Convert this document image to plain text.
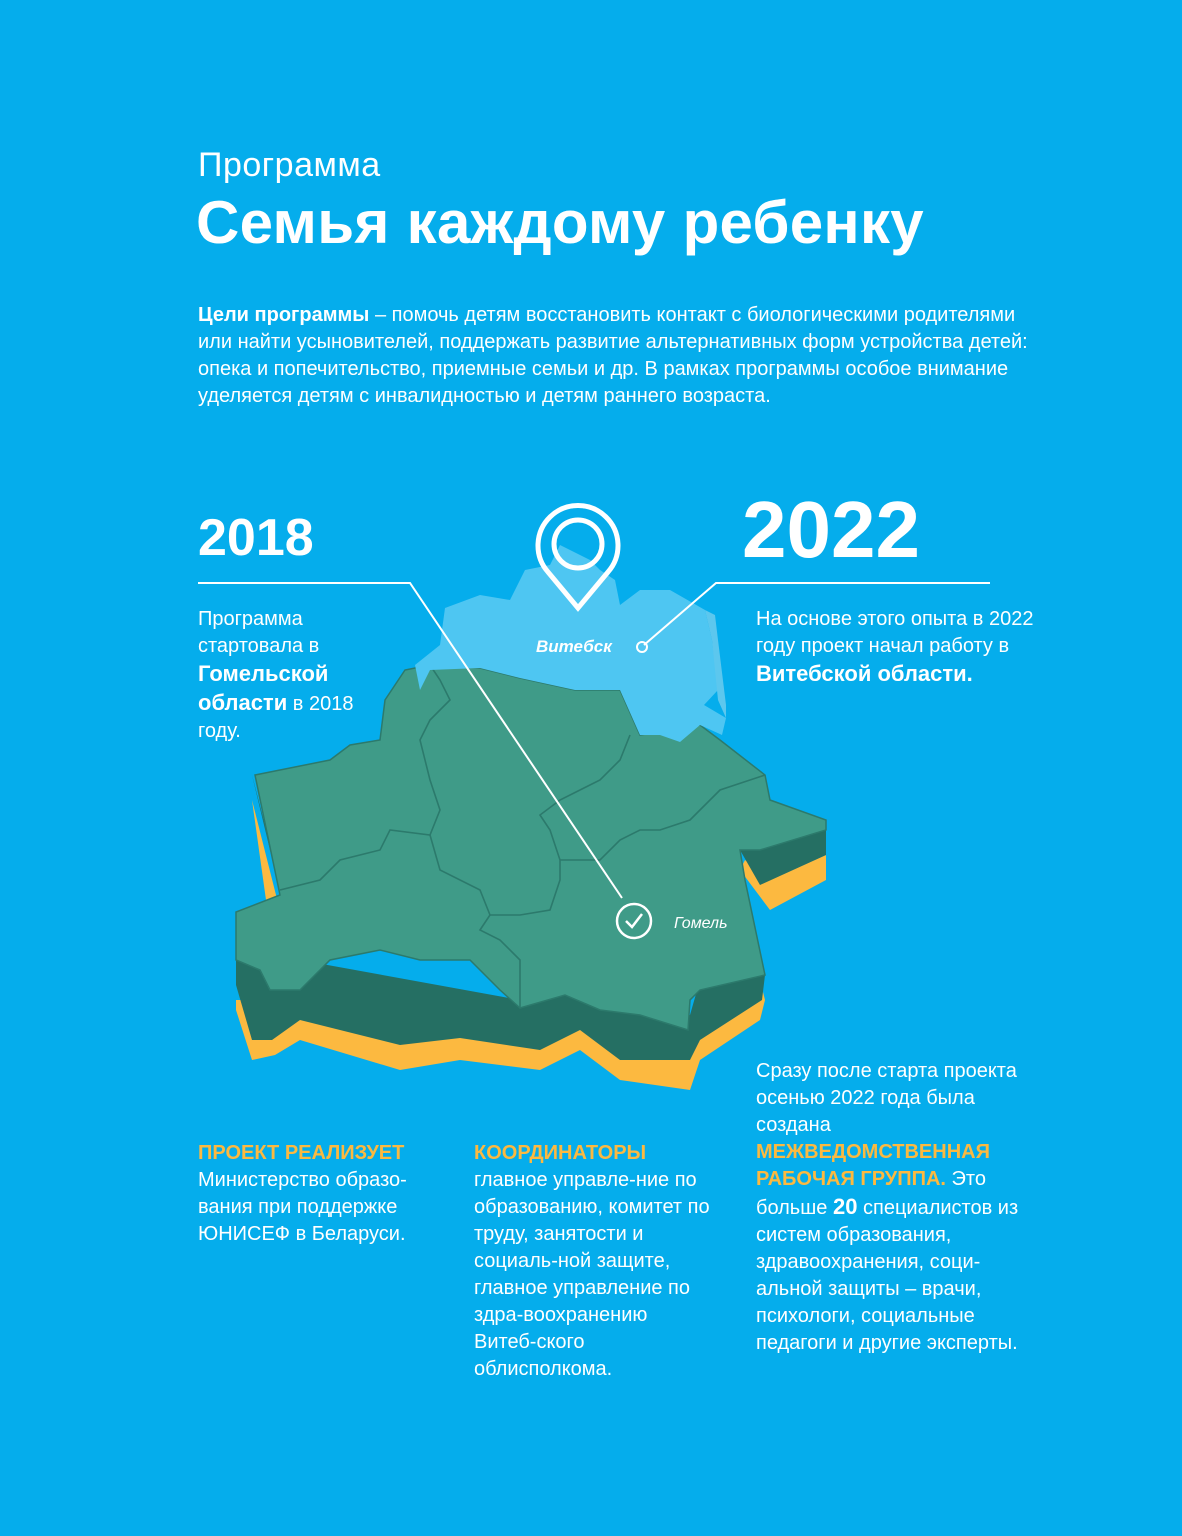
Витебск
Гомель
Программа
Семья каждому ребенку
Цели программы – помочь детям восстановить контакт с биологическими родителями или найти усыновителей, поддержать развитие альтернативных форм устройства детей: опека и попечительство, приемные семьи и др. В рамках программы особое внимание уделяется детям с инвалидностью и детям раннего возраста.
2018	2022
Программа стартовала в Гомельской области в 2018 году.
На основе этого опыта в 2022 году проект начал работу в Витебской области.
Сразу после старта проекта осенью 2022 года была создана МЕЖВЕДОМСТВЕННАЯ РАБОЧАЯ ГРУППА. Это больше 20 специалистов из систем образования, здравоохранения, соци-альной защиты – врачи, психологи, социальные педагоги и другие эксперты.
ПРОЕКТ РЕАЛИЗУЕТ
Министерство образо-вания при поддержке ЮНИСЕФ в Беларуси.
КООРДИНАТОРЫ
главное управле-ние по образованию, комитет по труду, занятости и социаль-ной защите, главное управление по здра-воохранению Витеб-ского облисполкома.
